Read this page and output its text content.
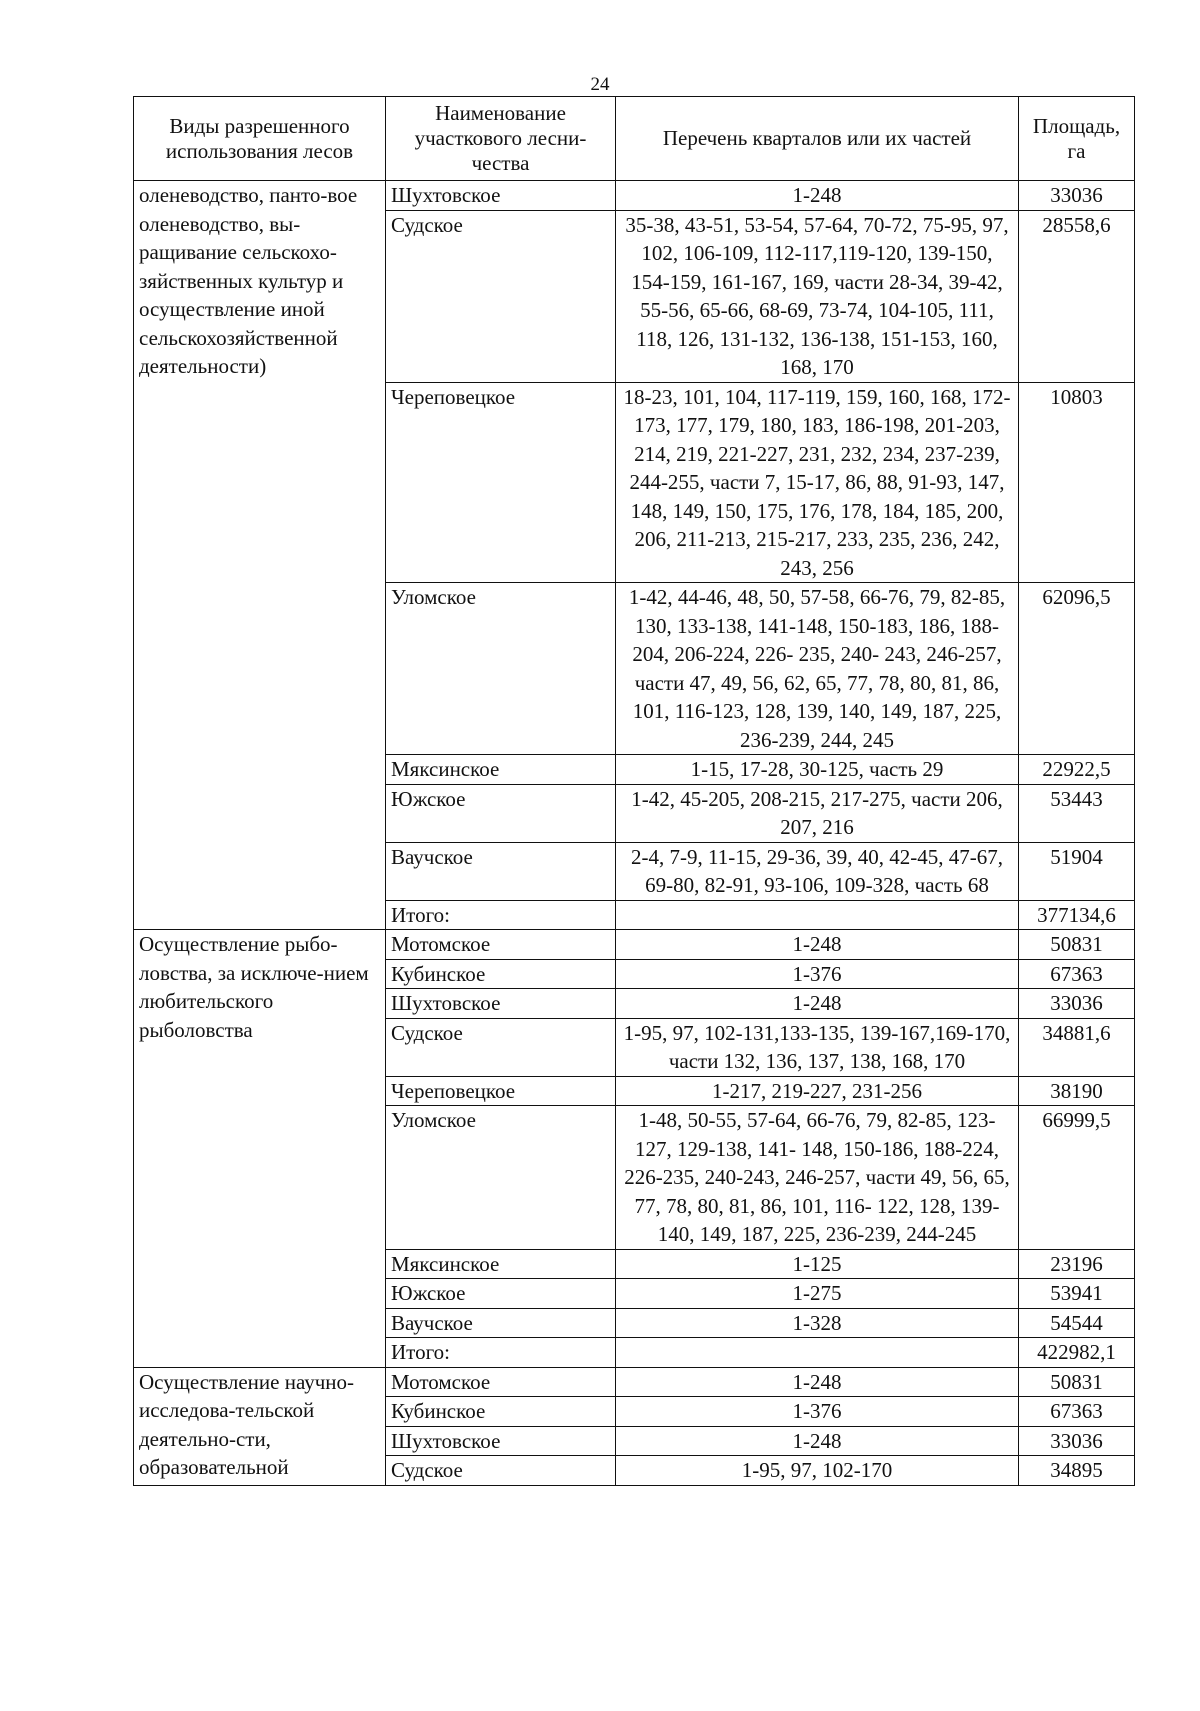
24
Виды разрешенного использования лесов	Наименование участкового лесни-чества	Перечень кварталов или их частей	Площадь, га
оленеводство, панто-вое оленеводство, вы-ращивание сельскохо-зяйственных культур и осуществление иной сельскохозяйственной деятельности)	Шухтовское	1-248	33036
	Судское	35-38, 43-51, 53-54, 57-64, 70-72, 75-95, 97, 102, 106-109, 112-117,119-120, 139-150, 154-159, 161-167, 169, части 28-34, 39-42, 55-56, 65-66, 68-69, 73-74, 104-105, 111, 118, 126, 131-132, 136-138, 151-153, 160, 168, 170	28558,6
	Череповецкое	18-23, 101, 104, 117-119, 159, 160, 168, 172-173, 177, 179, 180, 183, 186-198, 201-203, 214, 219, 221-227, 231, 232, 234, 237-239, 244-255, части 7, 15-17, 86, 88, 91-93, 147, 148, 149, 150, 175, 176, 178, 184, 185, 200, 206, 211-213, 215-217, 233, 235, 236, 242, 243, 256	10803
	Уломское	1-42, 44-46, 48, 50, 57-58, 66-76, 79, 82-85, 130, 133-138, 141-148, 150-183, 186, 188-204, 206-224, 226- 235, 240- 243, 246-257, части 47, 49, 56, 62, 65, 77, 78, 80, 81, 86, 101, 116-123, 128, 139, 140, 149, 187, 225, 236-239, 244, 245	62096,5
	Мяксинское	1-15, 17-28, 30-125, часть 29	22922,5
	Южское	1-42, 45-205, 208-215, 217-275, части 206, 207, 216	53443
	Ваучское	2-4, 7-9, 11-15, 29-36, 39, 40, 42-45, 47-67, 69-80, 82-91, 93-106, 109-328, часть 68	51904
	Итого:		377134,6
Осуществление рыбо-ловства, за исключе-нием любительского рыболовства	Мотомское	1-248	50831
	Кубинское	1-376	67363
	Шухтовское	1-248	33036
	Судское	1-95, 97, 102-131,133-135, 139-167,169-170, части 132, 136, 137, 138, 168, 170	34881,6
	Череповецкое	1-217, 219-227, 231-256	38190
	Уломское	1-48, 50-55, 57-64, 66-76, 79, 82-85, 123- 127, 129-138, 141- 148, 150-186, 188-224, 226-235, 240-243, 246-257, части 49, 56, 65, 77, 78, 80, 81, 86, 101, 116- 122, 128, 139-140, 149, 187, 225, 236-239, 244-245	66999,5
	Мяксинское	1-125	23196
	Южское	1-275	53941
	Ваучское	1-328	54544
	Итого:		422982,1
Осуществление научно-исследова-тельской деятельно-сти, образовательной	Мотомское	1-248	50831
	Кубинское	1-376	67363
	Шухтовское	1-248	33036
	Судское	1-95, 97, 102-170	34895
